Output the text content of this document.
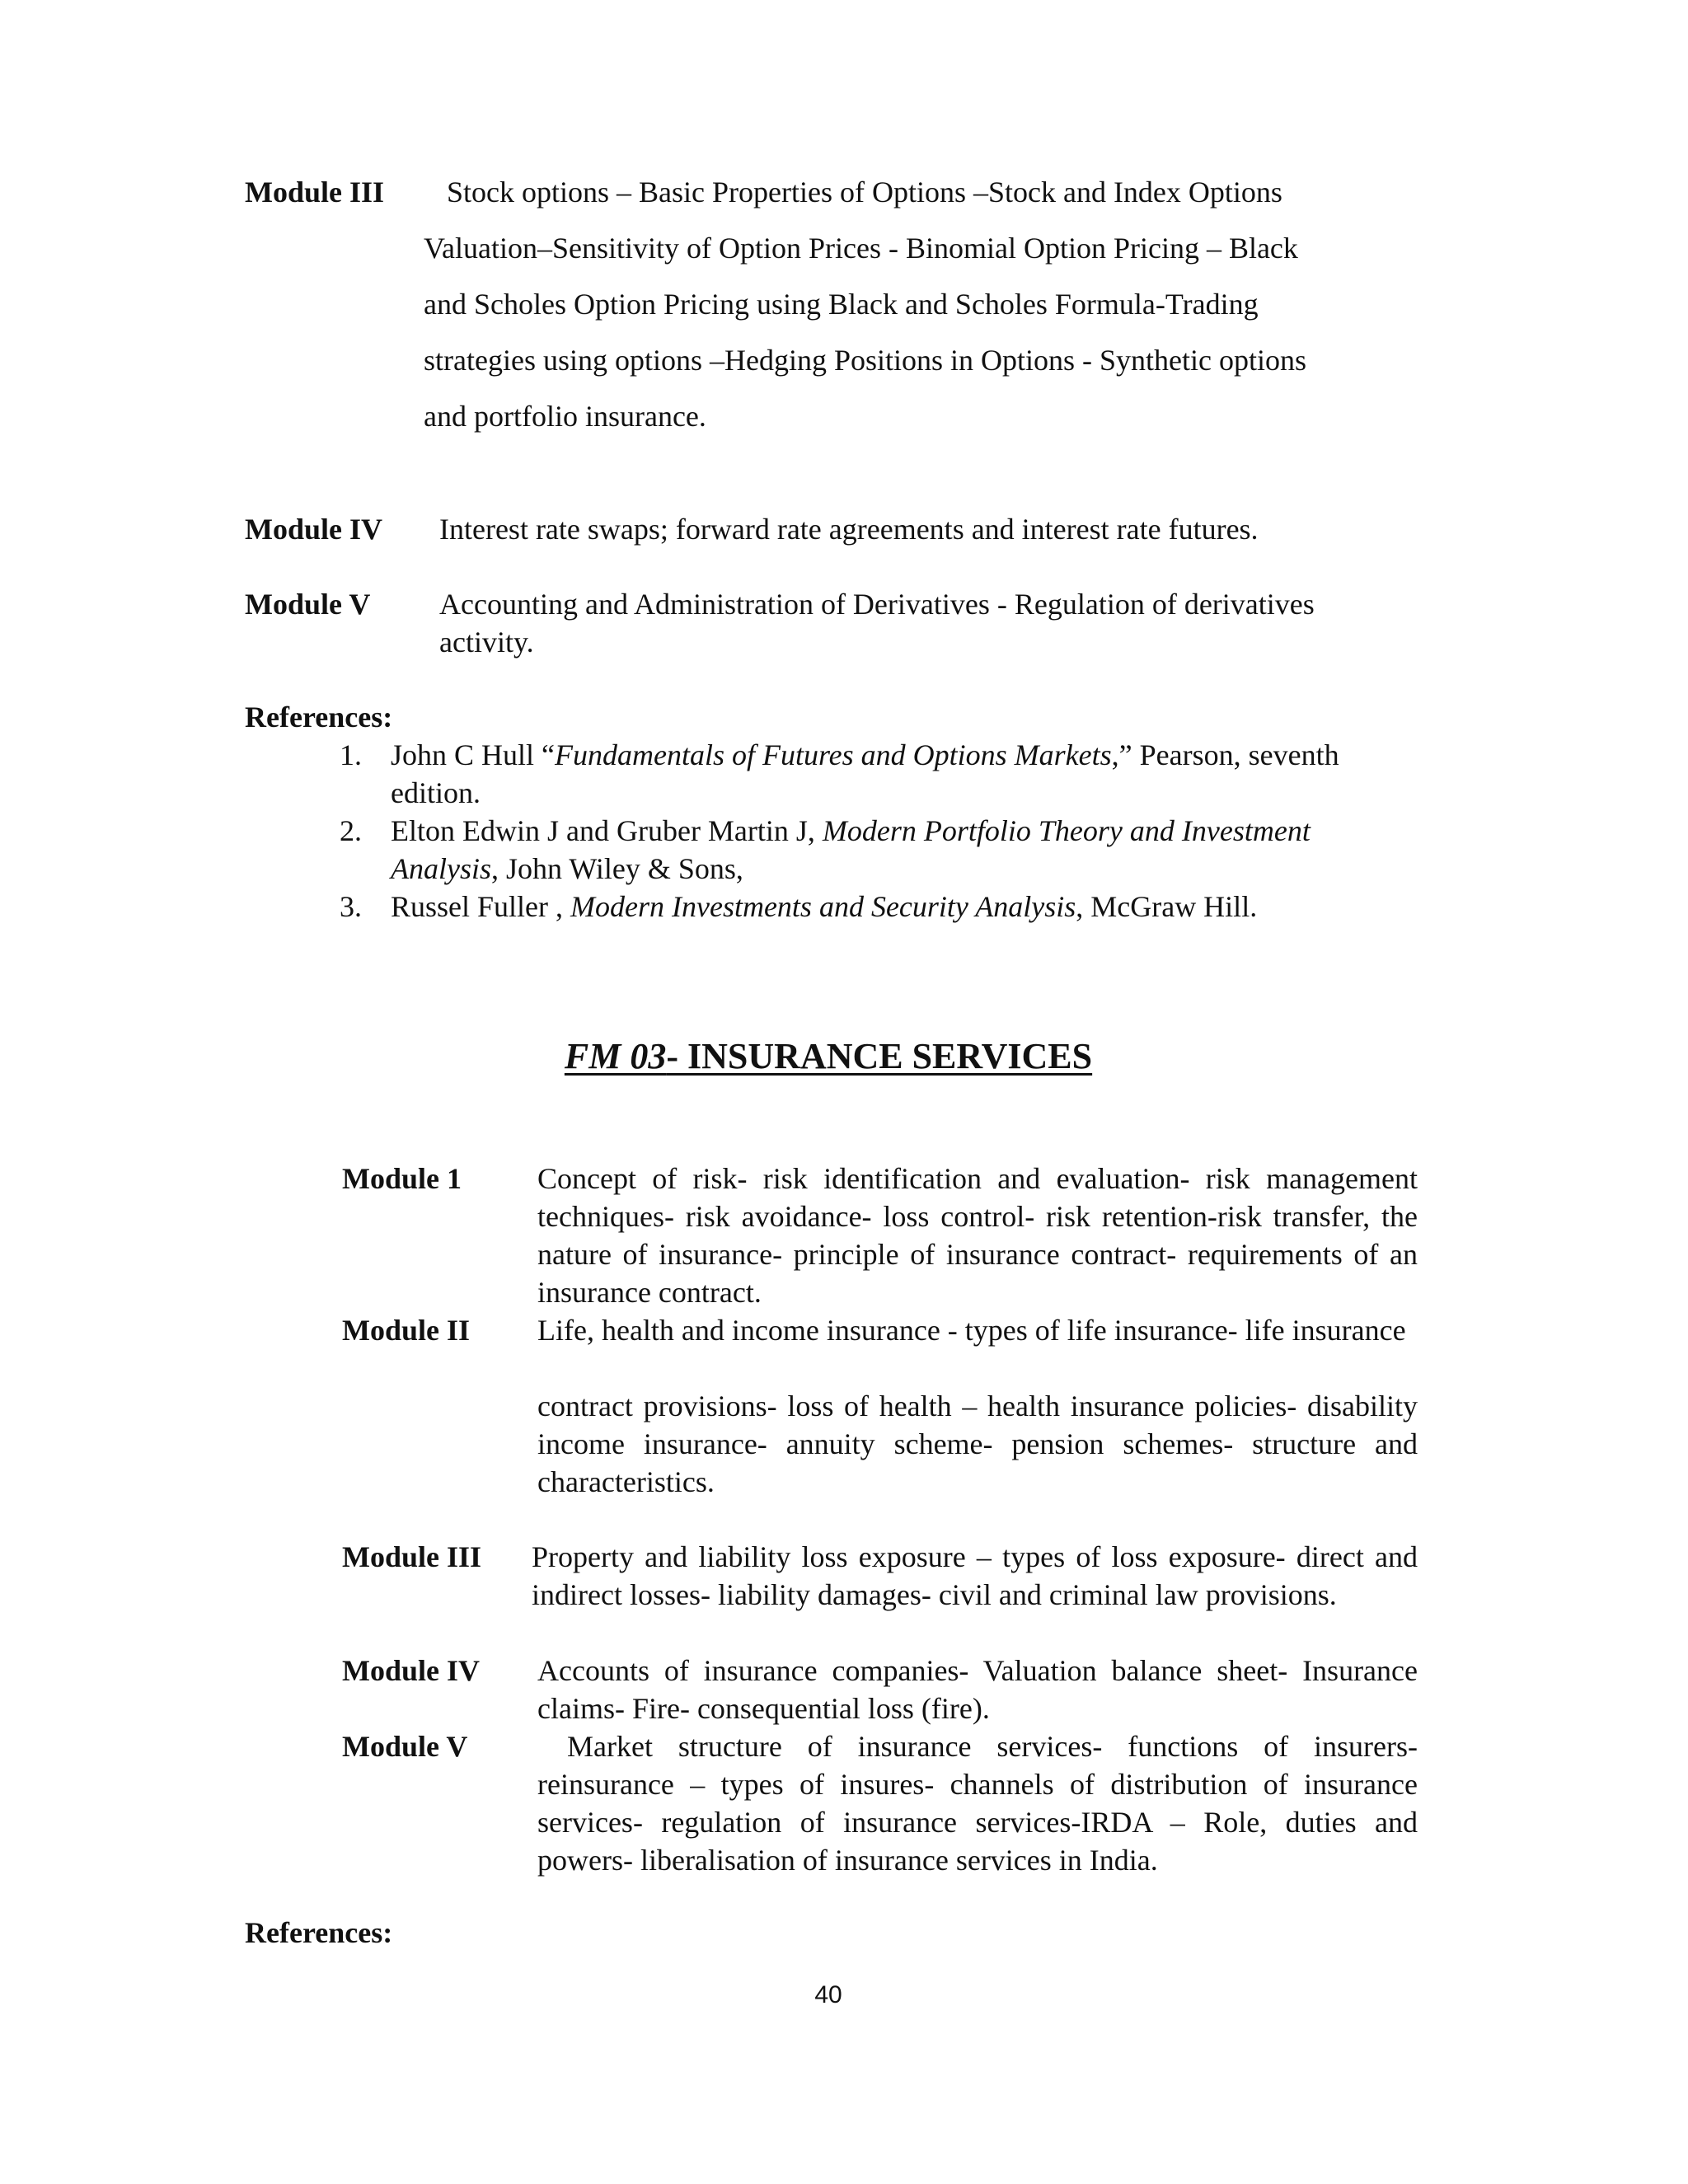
Module III Stock options – Basic Properties of Options –Stock and Index Options
Valuation–Sensitivity of Option Prices - Binomial Option Pricing – Black
and Scholes Option Pricing using Black and Scholes Formula-Trading
strategies using options –Hedging Positions in Options - Synthetic options
and portfolio insurance.
Module IV Interest rate swaps; forward rate agreements and interest rate futures.
Module V Accounting and Administration of Derivatives - Regulation of derivatives activity.
References:
1. John C Hull “Fundamentals of Futures and Options Markets,” Pearson, seventh edition.
2. Elton Edwin J and Gruber Martin J, Modern Portfolio Theory and Investment Analysis, John Wiley & Sons,
3. Russel Fuller , Modern Investments and Security Analysis, McGraw Hill.
FM 03- INSURANCE SERVICES
Module 1	Concept of risk- risk identification and evaluation- risk management techniques- risk avoidance- loss control- risk retention-risk transfer, the nature of insurance- principle of insurance contract- requirements of an insurance contract.
Module II Life, health and income insurance - types of life insurance- life insurance
contract provisions- loss of health – health insurance policies- disability income insurance- annuity scheme- pension schemes- structure and characteristics.
Module III Property and liability loss exposure – types of loss exposure- direct and indirect losses- liability damages- civil and criminal law provisions.
Module IV Accounts of insurance companies- Valuation balance sheet- Insurance claims- Fire- consequential loss (fire).
Module V	Market structure of insurance services- functions of insurers- reinsurance – types of insures- channels of distribution of insurance services- regulation of insurance services-IRDA – Role, duties and powers- liberalisation of insurance services in India.
References:
40
